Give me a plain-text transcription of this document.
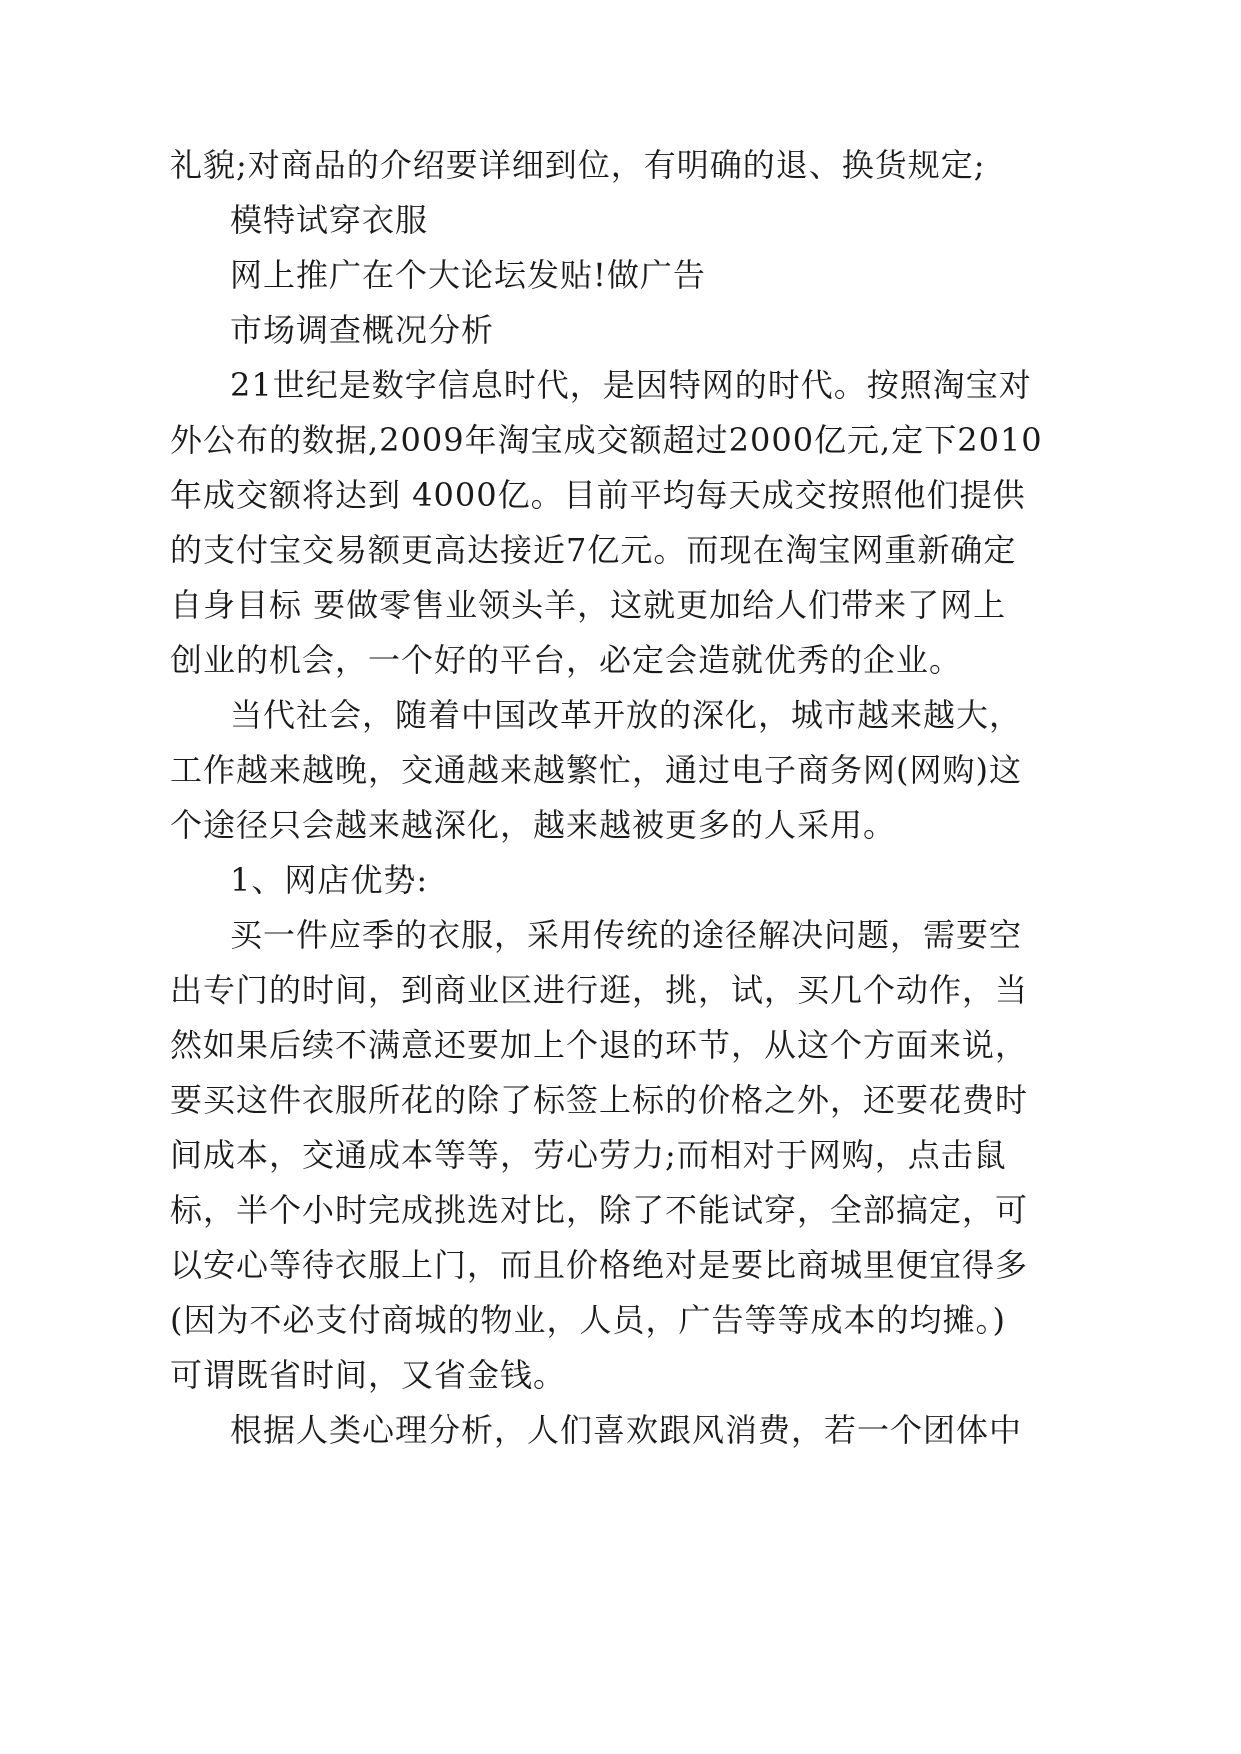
礼貌;对商品的介绍要详细到位，有明确的退、换货规定;

模特试穿衣服

网上推广在个大论坛发贴!做广告

市场调查概况分析

21世纪是数字信息时代，是因特网的时代。按照淘宝对

外公布的数据,2009年淘宝成交额超过2000亿元,定下2010

年成交额将达到 4000亿。目前平均每天成交按照他们提供

的支付宝交易额更高达接近7亿元。而现在淘宝网重新确定

自身目标 要做零售业领头羊，这就更加给人们带来了网上

创业的机会，一个好的平台，必定会造就优秀的企业。

当代社会，随着中国改革开放的深化，城市越来越大，

工作越来越晚，交通越来越繁忙，通过电子商务网(网购)这

个途径只会越来越深化，越来越被更多的人采用。

1、网店优势:

买一件应季的衣服，采用传统的途径解决问题，需要空

出专门的时间，到商业区进行逛，挑，试，买几个动作，当

然如果后续不满意还要加上个退的环节，从这个方面来说，

要买这件衣服所花的除了标签上标的价格之外，还要花费时

间成本，交通成本等等，劳心劳力;而相对于网购，点击鼠

标，半个小时完成挑选对比，除了不能试穿，全部搞定，可

以安心等待衣服上门，而且价格绝对是要比商城里便宜得多

(因为不必支付商城的物业，人员，广告等等成本的均摊。)

可谓既省时间，又省金钱。

根据人类心理分析，人们喜欢跟风消费，若一个团体中
